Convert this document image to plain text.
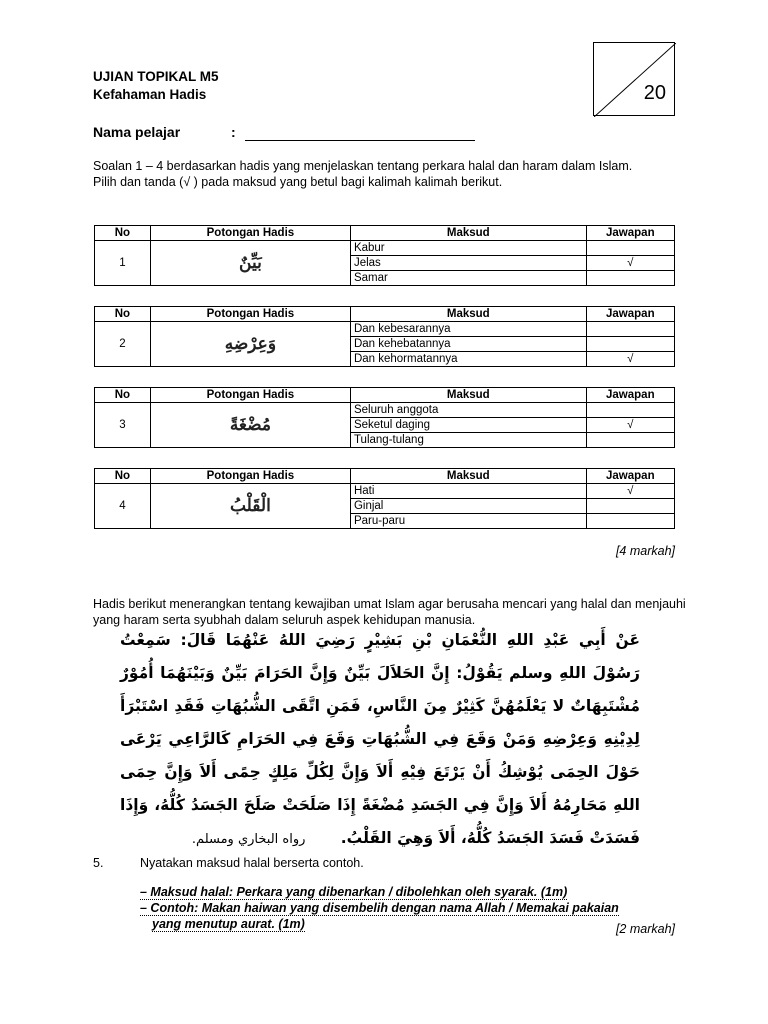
UJIAN TOPIKAL M5
Kefahaman Hadis	20
Nama pelajar	:
Soalan 1 – 4 berdasarkan hadis yang menjelaskan tentang perkara halal dan haram dalam Islam.
Pilih dan tanda (√ ) pada maksud yang betul bagi kalimah kalimah berikut.
No	Potongan Hadis	Maksud	Jawapan
1	بَيِّنٌ	Kabur	
		Jelas	√
		Samar	
No	Potongan Hadis	Maksud	Jawapan
2	وَعِرْضِهِ	Dan kebesarannya	
		Dan kehebatannya	
		Dan kehormatannya	√
No	Potongan Hadis	Maksud	Jawapan
3	مُضْغَةً	Seluruh anggota	
		Seketul daging	√
		Tulang-tulang	
No	Potongan Hadis	Maksud	Jawapan
4	الْقَلْبُ	Hati	√
		Ginjal	
		Paru-paru	
[4 markah]
Hadis berikut menerangkan tentang kewajiban umat Islam agar berusaha mencari yang halal dan menjauhi yang haram serta syubhah dalam seluruh aspek kehidupan manusia.
عَنْ أَبِي عَبْدِ اللهِ النُّعْمَانِ بْنِ بَشِيْرٍ رَضِيَ اللهُ عَنْهُمَا قَالَ: سَمِعْتُ رَسُوْلَ اللهِ وسلم يَقُوْلُ: إِنَّ الحَلاَلَ بَيِّنٌ وَإِنَّ الحَرَامَ بَيِّنٌ وَبَيْنَهُمَا أُمُوْرٌ مُشْتَبِهَاتٌ لا يَعْلَمُهُنَّ كَثِيْرٌ مِنَ النَّاسِ، فَمَنِ اتَّقَى الشُّبُهَاتِ فَقَدِ اسْتَبْرَأَ لِدِيْنِهِ وَعِرْضِهِ وَمَنْ وَقَعَ فِي الشُّبُهَاتِ وَقَعَ فِي الحَرَامِ كَالرَّاعِي يَرْعَى حَوْلَ الحِمَى يُوْشِكُ أَنْ يَرْتَعَ فِيْهِ أَلاَ وَإِنَّ لِكُلِّ مَلِكٍ حِمًى أَلاَ وَإِنَّ حِمَى اللهِ مَحَارِمُهُ أَلاَ وَإِنَّ فِي الجَسَدِ مُضْغَةً إِذَا صَلَحَتْ صَلَحَ الجَسَدُ كُلُّهُ، وَإِذَا فَسَدَتْ فَسَدَ الجَسَدُ كُلُّهُ، أَلاَ وَهِيَ القَلْبُ. رواه البخاري ومسلم.
5.	Nyatakan maksud halal berserta contoh.
– Maksud halal: Perkara yang dibenarkan / dibolehkan oleh syarak. (1m)
– Contoh: Makan haiwan yang disembelih dengan nama Allah / Memakai pakaian
yang menutup aurat. (1m)	[2 markah]
